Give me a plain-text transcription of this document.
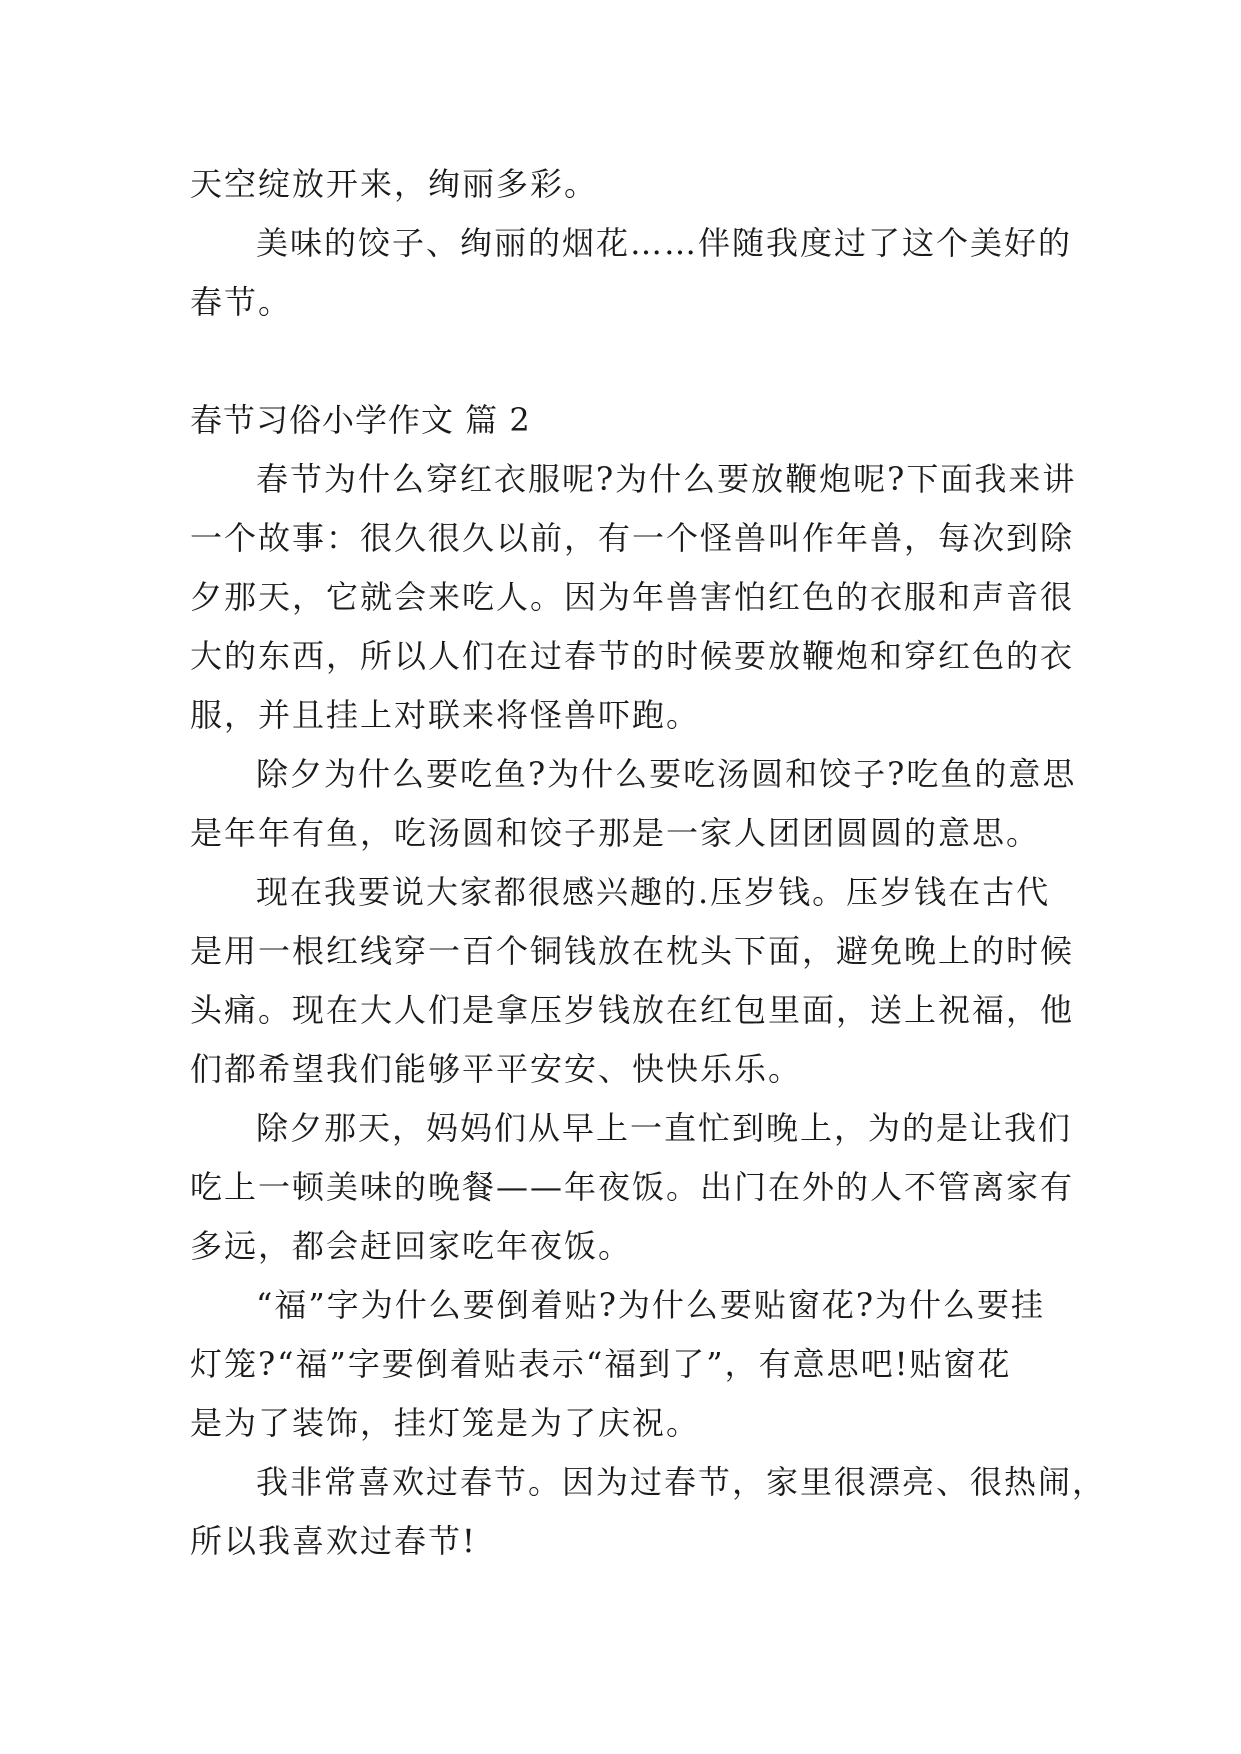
天空绽放开来，绚丽多彩。
美味的饺子、绚丽的烟花……伴随我度过了这个美好的
春节。
春节习俗小学作文 篇 2
春节为什么穿红衣服呢?为什么要放鞭炮呢?下面我来讲
一个故事：很久很久以前，有一个怪兽叫作年兽，每次到除
夕那天，它就会来吃人。因为年兽害怕红色的衣服和声音很
大的东西，所以人们在过春节的时候要放鞭炮和穿红色的衣
服，并且挂上对联来将怪兽吓跑。
除夕为什么要吃鱼?为什么要吃汤圆和饺子?吃鱼的意思
是年年有鱼，吃汤圆和饺子那是一家人团团圆圆的意思。
现在我要说大家都很感兴趣的.压岁钱。压岁钱在古代
是用一根红线穿一百个铜钱放在枕头下面，避免晚上的时候
头痛。现在大人们是拿压岁钱放在红包里面，送上祝福，他
们都希望我们能够平平安安、快快乐乐。
除夕那天，妈妈们从早上一直忙到晚上，为的是让我们
吃上一顿美味的晚餐——年夜饭。出门在外的人不管离家有
多远，都会赶回家吃年夜饭。
“福”字为什么要倒着贴?为什么要贴窗花?为什么要挂
灯笼?“福”字要倒着贴表示“福到了”，有意思吧!贴窗花
是为了装饰，挂灯笼是为了庆祝。
我非常喜欢过春节。因为过春节，家里很漂亮、很热闹，
所以我喜欢过春节!
